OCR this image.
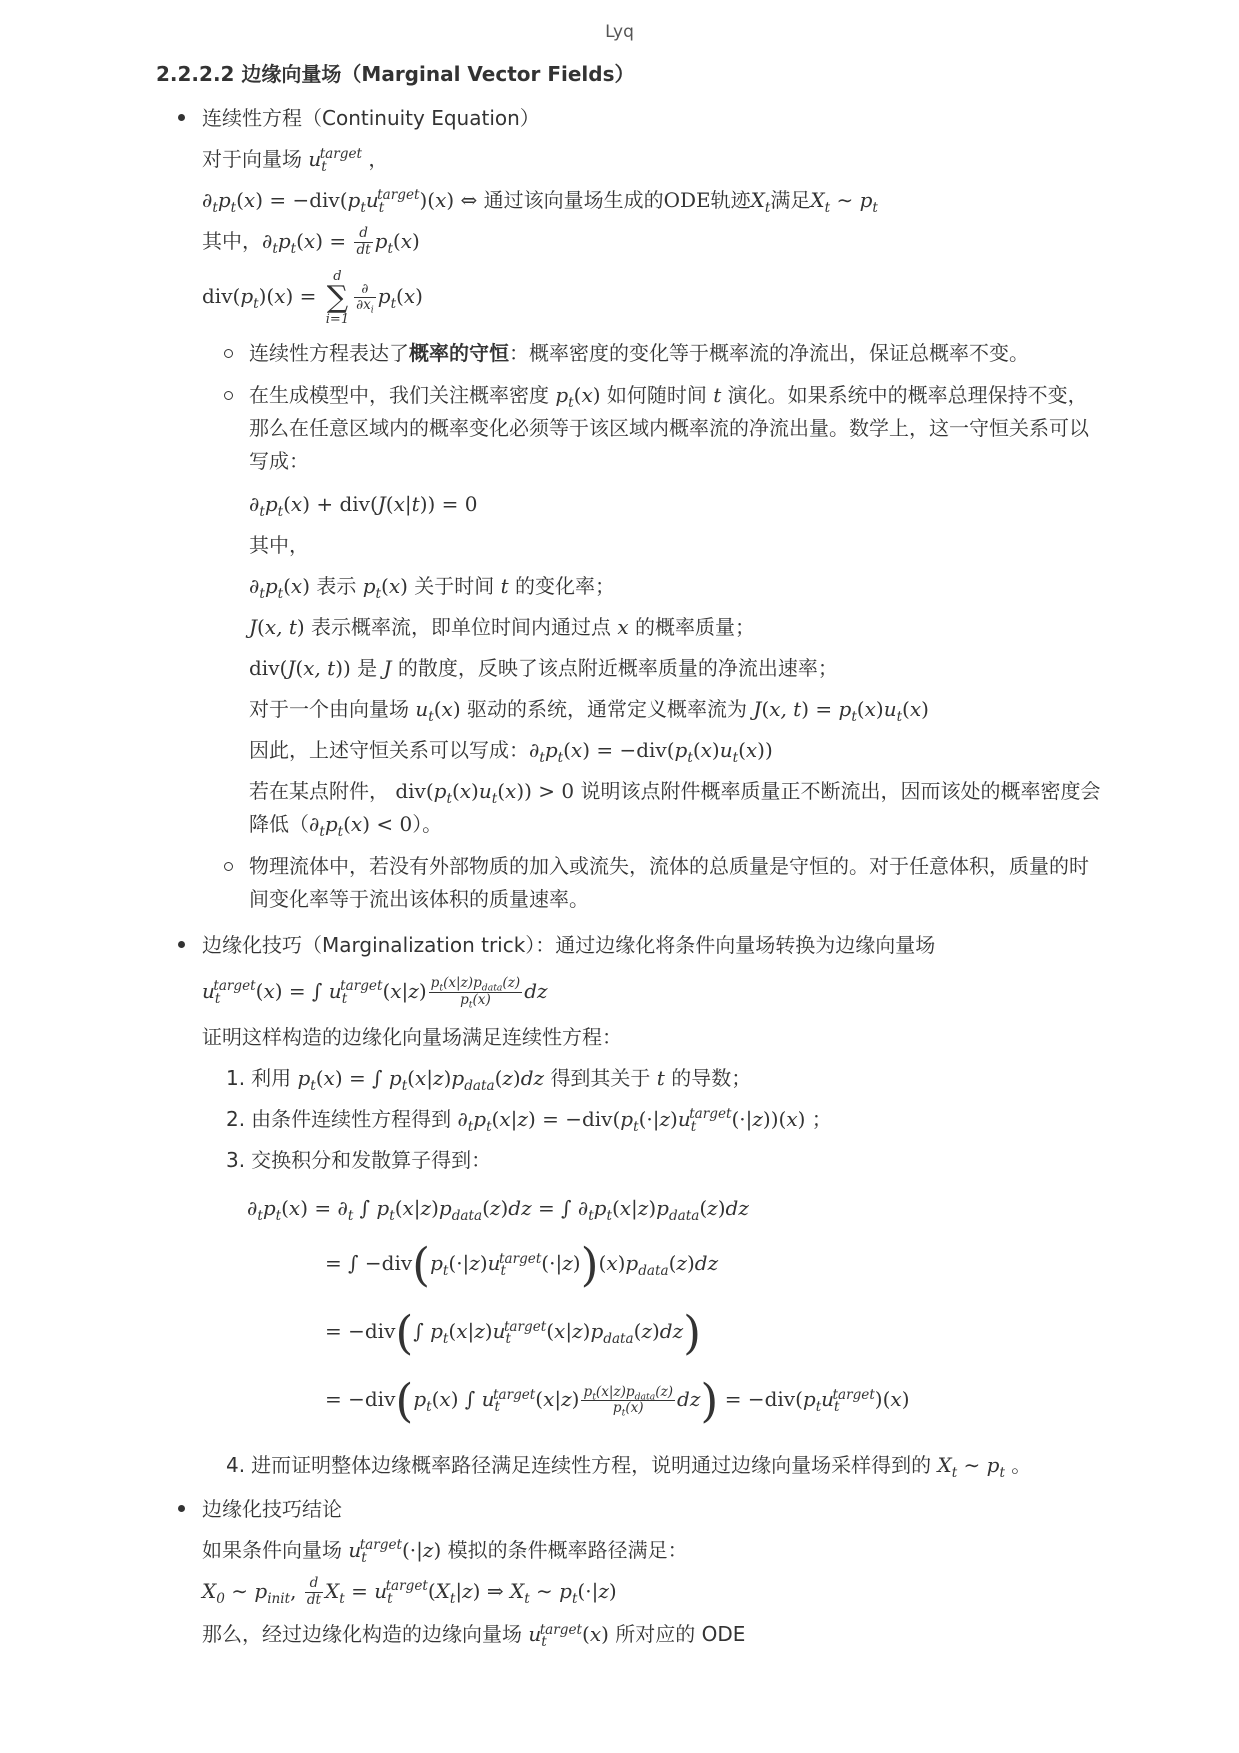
Lyq
2.2.2.2 边缘向量场（Marginal Vector Fields）
连续性方程（Continuity Equation）
对于向量场 $u_t^{target}$ ，
$\partial_tp_t(x) = -div(p_tu_t^{target})(x)$ ⇔ 通过该向量场生成的ODE轨迹$X_t$满足$X_t$ ∼ $p_t$
其中，$\partial_tp_t(x) = \frac{d}{dt} p_t(x)$
$div(p_t)(x)$ =
d
∑
i=1
$\frac{\partial}{\partial x_i} p_t(x)$
连续性方程表达了概率的守恒：概率密度的变化等于概率流的净流出，保证总概率不变。
在生成模型中，我们关注概率密度 $p_t(x)$ 如何随时间 t 演化。如果系统中的概率总理保持不变，那么在任意区域内的概率变化必须等于该区域内概率流的净流出量。数学上，这一守恒关系可以写成：
$\partial_tp_t(x) + div(J(x|t)) = 0$
其中，
$\partial_tp_t(x)$ 表示 $p_t(x)$ 关于时间 t 的变化率；
J(x, t) 表示概率流，即单位时间内通过点 x 的概率质量；
div(J(x, t)) 是 J 的散度，反映了该点附近概率质量的净流出速率；
对于一个由向量场 $u_t(x)$ 驱动的系统，通常定义概率流为 J(x, $t) = p_t(x)u_t(x)$
因此，上述守恒关系可以写成：$\partial_tp_t(x) = -div(p_t(x)u_t(x))$
若在某点附件， $div(p_t(x)u_t(x)) > 0$ 说明该点附件概率质量正不断流出，因而该处的概率密度会降低$(\partial_tp_t(x) < 0)$。
物理流体中，若没有外部物质的加入或流失，流体的总质量是守恒的。对于任意体积，质量的时间变化率等于流出该体积的质量速率。
边缘化技巧（Marginalization trick）：通过边缘化将条件向量场转换为边缘向量场
$u_t^{target}(x)$ = ∫ $u_t^{target}(x|z) \frac{p_t(x|z)p_{data}(z)}{p_t(x)}$ dz
证明这样构造的边缘化向量场满足连续性方程：
1. 利用 $p_t(x)$ = ∫ $p_t(x|z)p_{data}(z)dz$ 得到其关于 t 的导数；
2. 由条件连续性方程得到 $\partial_tp_t(x|z) = -div(p_t(\cdot|z)u_t^{target}(\cdot|z))(x)$ ；
3. 交换积分和发散算子得到：
$\partial_tp_t(x) = \partial_t$ ∫ $p_t(x|z)p_{data}(z)dz$ = ∫ $\partial_tp_t(x|z)p_{data}(z)dz$
= ∫ $-div(p_t(\cdot|z)u_t^{target}(\cdot|z))(x)p_{data}(z)dz$
= −div(∫ $p_t(x|z)u_t^{target}(x|z)p_{data}(z)dz$)
= $-div(p_t(x)$ ∫ $u_t^{target}(x|z) \frac{p_t(x|z)p_{data}(z)}{p_t(x)} dz) = -div(p_tu_t^{target})(x)$
4. 进而证明整体边缘概率路径满足连续性方程，说明通过边缘向量场采样得到的 $X_t$ ∼ $p_t$ 。
边缘化技巧结论
如果条件向量场 $u_t^{target}(\cdot|z)$ 模拟的条件概率路径满足：
$X_0$ ∼ $p_{init}$, $\frac{d}{dt} X_t = u_t^{target}(X_t|z)$ ⇒ $X_t$ ∼ $p_t(\cdot|z)$
那么，经过边缘化构造的边缘向量场 $u_t^{target}(x)$ 所对应的 ODE
